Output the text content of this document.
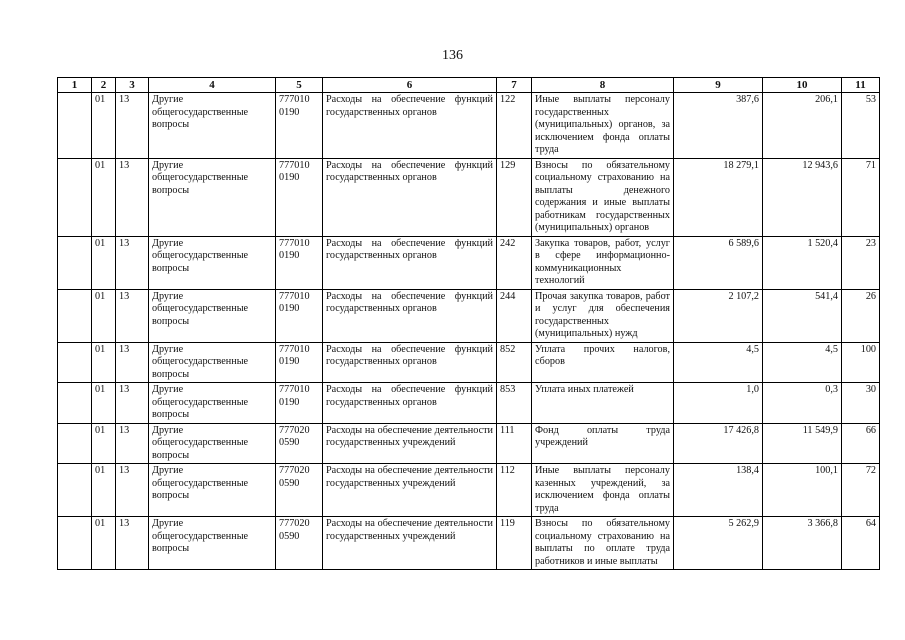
136
1	2	3	4	5	6	7	8	9	10	11
	01	13	Другие общегосударственные вопросы	777010 0190	Расходы на обеспечение функций государственных органов	122	Иные выплаты персоналу государственных (муниципальных) органов, за исключением фонда оплаты труда	387,6	206,1	53
	01	13	Другие общегосударственные вопросы	777010 0190	Расходы на обеспечение функций государственных органов	129	Взносы по обязательному социальному страхованию на выплаты денежного содержания и иные выплаты работникам государственных (муниципальных) органов	18 279,1	12 943,6	71
	01	13	Другие общегосударственные вопросы	777010 0190	Расходы на обеспечение функций государственных органов	242	Закупка товаров, работ, услуг в сфере информационно-коммуникационных технологий	6 589,6	1 520,4	23
	01	13	Другие общегосударственные вопросы	777010 0190	Расходы на обеспечение функций государственных органов	244	Прочая закупка товаров, работ и услуг для обеспечения государственных (муниципальных) нужд	2 107,2	541,4	26
	01	13	Другие общегосударственные вопросы	777010 0190	Расходы на обеспечение функций государственных органов	852	Уплата прочих налогов, сборов	4,5	4,5	100
	01	13	Другие общегосударственные вопросы	777010 0190	Расходы на обеспечение функций государственных органов	853	Уплата иных платежей	1,0	0,3	30
	01	13	Другие общегосударственные вопросы	777020 0590	Расходы на обеспечение деятельности государственных учреждений	111	Фонд оплаты труда учреждений	17 426,8	11 549,9	66
	01	13	Другие общегосударственные вопросы	777020 0590	Расходы на обеспечение деятельности государственных учреждений	112	Иные выплаты персоналу казенных учреждений, за исключением фонда оплаты труда	138,4	100,1	72
	01	13	Другие общегосударственные вопросы	777020 0590	Расходы на обеспечение деятельности государственных учреждений	119	Взносы по обязательному социальному страхованию на выплаты по оплате труда работников и иные выплаты	5 262,9	3 366,8	64
